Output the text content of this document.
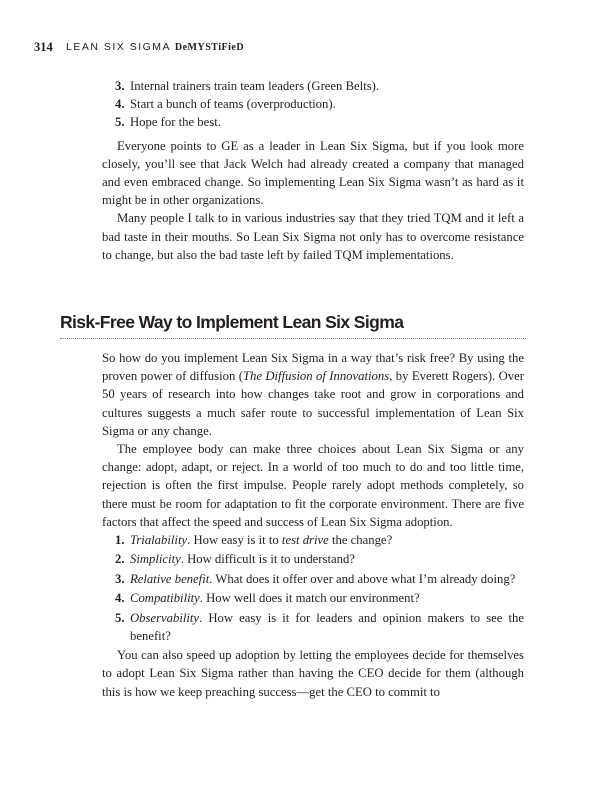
314 LEAN SIX SIGMA DeMYSTiFieD
3. Internal trainers train team leaders (Green Belts).
4. Start a bunch of teams (overproduction).
5. Hope for the best.

Everyone points to GE as a leader in Lean Six Sigma, but if you look more closely, you’ll see that Jack Welch had already created a company that managed and even embraced change. So implementing Lean Six Sigma wasn’t as hard as it might be in other organizations.

Many people I talk to in various industries say that they tried TQM and it left a bad taste in their mouths. So Lean Six Sigma not only has to overcome resistance to change, but also the bad taste left by failed TQM implementations.

Risk-Free Way to Implement Lean Six Sigma

So how do you implement Lean Six Sigma in a way that’s risk free? By using the proven power of diffusion (The Diffusion of Innovations, by Everett Rogers). Over 50 years of research into how changes take root and grow in corporations and cultures suggests a much safer route to successful implementation of Lean Six Sigma or any change.

The employee body can make three choices about Lean Six Sigma or any change: adopt, adapt, or reject. In a world of too much to do and too little time, rejection is often the first impulse. People rarely adopt methods completely, so there must be room for adaptation to fit the corporate environment. There are five factors that affect the speed and success of Lean Six Sigma adoption.

1. Trialability. How easy is it to test drive the change?
2. Simplicity. How difficult is it to understand?
3. Relative benefit. What does it offer over and above what I’m already doing?
4. Compatibility. How well does it match our environment?
5. Observability. How easy is it for leaders and opinion makers to see the benefit?

You can also speed up adoption by letting the employees decide for themselves to adopt Lean Six Sigma rather than having the CEO decide for them (although this is how we keep preaching success—get the CEO to commit to
